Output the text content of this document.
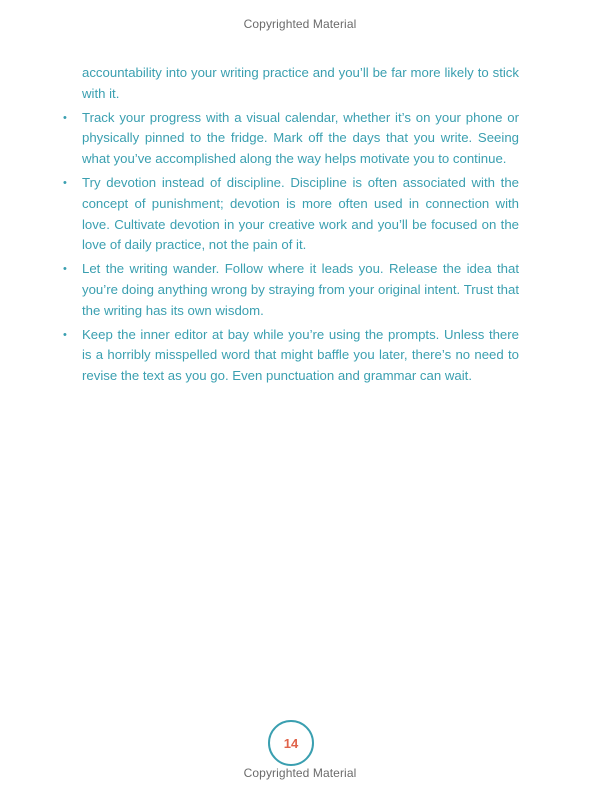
Copyrighted Material

accountability into your writing practice and you’ll be far more likely to stick with it.

• Track your progress with a visual calendar, whether it’s on your phone or physically pinned to the fridge. Mark off the days that you write. Seeing what you’ve accomplished along the way helps motivate you to continue.
• Try devotion instead of discipline. Discipline is often associated with the concept of punishment; devotion is more often used in connection with love. Cultivate devotion in your creative work and you’ll be focused on the love of daily practice, not the pain of it.
• Let the writing wander. Follow where it leads you. Release the idea that you’re doing anything wrong by straying from your original intent. Trust that the writing has its own wisdom.
• Keep the inner editor at bay while you’re using the prompts. Unless there is a horribly misspelled word that might baffle you later, there’s no need to revise the text as you go. Even punctuation and grammar can wait.
14
Copyrighted Material
